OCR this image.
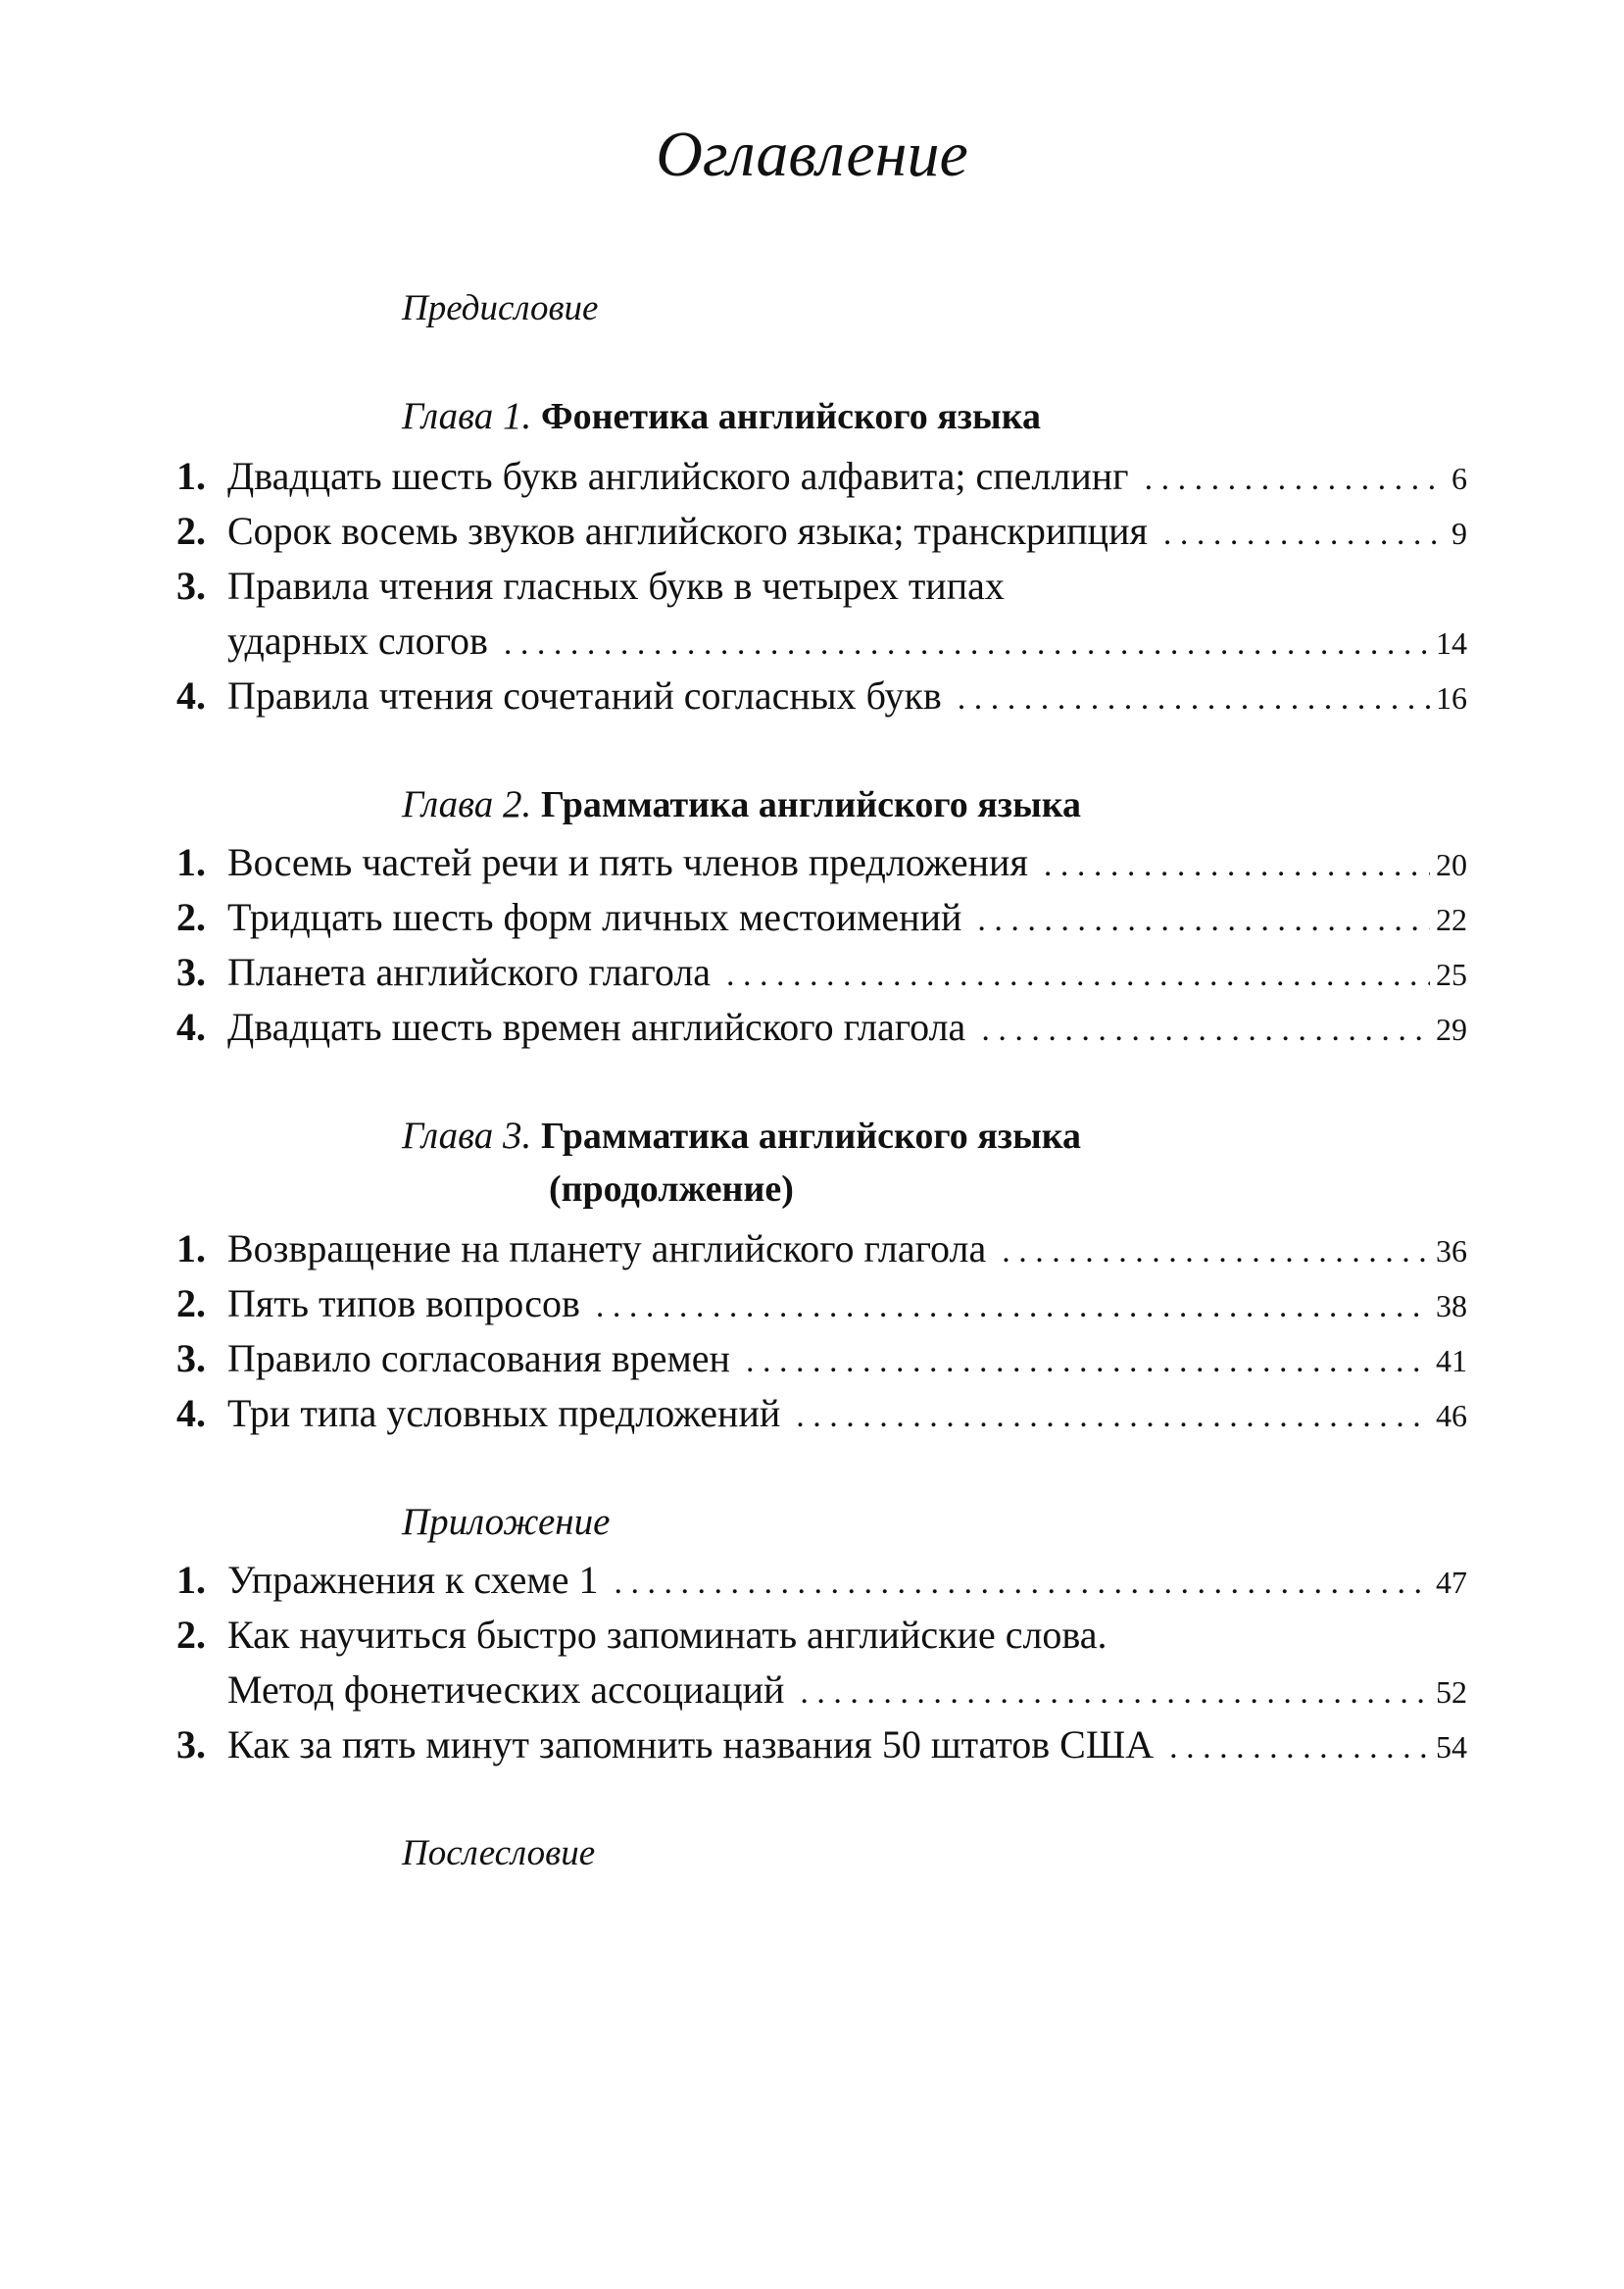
Оглавление
Предисловие
Глава 1. Фонетика английского языка
1. Двадцать шесть букв английского алфавита; спеллинг . . .	6
2. Сорок восемь звуков английского языка; транскрипция . . .	9
3. Правила чтения гласных букв в четырех типах
ударных слогов . . .	14
4. Правила чтения сочетаний согласных букв . . .	16
Глава 2. Грамматика английского языка
1. Восемь частей речи и пять членов предложения . . .	20
2. Тридцать шесть форм личных местоимений . . .	22
3. Планета английского глагола . . .	25
4. Двадцать шесть времен английского глагола . . .	29
Глава 3. Грамматика английского языка
(продолжение)
1. Возвращение на планету английского глагола . . .	36
2. Пять типов вопросов . . .	38
3. Правило согласования времен . . .	41
4. Три типа условных предложений . . .	46
Приложение
1. Упражнения к схеме 1 . . .	47
2. Как научиться быстро запоминать английские слова.
Метод фонетических ассоциаций . . .	52
3. Как за пять минут запомнить названия 50 штатов США . . .	54
Послесловие
